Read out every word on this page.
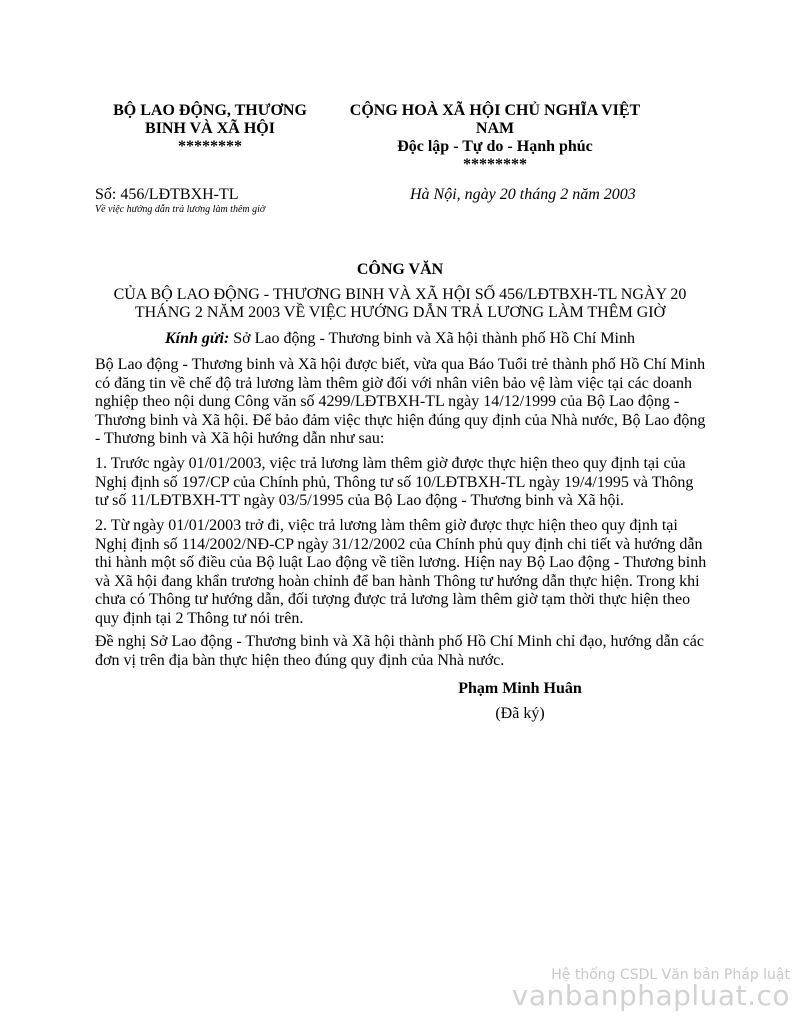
BỘ LAO ĐỘNG, THƯƠNG
BINH VÀ XÃ HỘI
********
CỘNG HOÀ XÃ HỘI CHỦ NGHĨA VIỆT
NAM
Độc lập - Tự do - Hạnh phúc
********
Số: 456/LĐTBXH-TL
Về việc hướng dẫn trả lương làm thêm giờ
Hà Nội, ngày 20 tháng 2 năm 2003
CÔNG VĂN
CỦA BỘ LAO ĐỘNG - THƯƠNG BINH VÀ XÃ HỘI SỐ 456/LĐTBXH-TL NGÀY 20 THÁNG 2 NĂM 2003 VỀ VIỆC HƯỚNG DẪN TRẢ LƯƠNG LÀM THÊM GIỜ
Kính gửi: Sở Lao động - Thương binh và Xã hội thành phố Hồ Chí Minh
Bộ Lao động - Thương binh và Xã hội được biết, vừa qua Báo Tuổi trẻ thành phố Hồ Chí Minh có đăng tin về chế độ trả lương làm thêm giờ đối với nhân viên bảo vệ làm việc tại các doanh nghiệp theo nội dung Công văn số 4299/LĐTBXH-TL ngày 14/12/1999 của Bộ Lao động - Thương binh và Xã hội. Để bảo đảm việc thực hiện đúng quy định của Nhà nước, Bộ Lao động - Thương binh và Xã hội hướng dẫn như sau:
1. Trước ngày 01/01/2003, việc trả lương làm thêm giờ được thực hiện theo quy định tại của Nghị định số 197/CP của Chính phủ, Thông tư số 10/LĐTBXH-TL ngày 19/4/1995 và Thông tư số 11/LĐTBXH-TT ngày 03/5/1995 của Bộ Lao động - Thương binh và Xã hội.
2. Từ ngày 01/01/2003 trở đi, việc trả lương làm thêm giờ được thực hiện theo quy định tại Nghị định số 114/2002/NĐ-CP ngày 31/12/2002 của Chính phủ quy định chi tiết và hướng dẫn thi hành một số điều của Bộ luật Lao động về tiền lương. Hiện nay Bộ Lao động - Thương binh và Xã hội đang khẩn trương hoàn chỉnh để ban hành Thông tư hướng dẫn thực hiện. Trong khi chưa có Thông tư hướng dẫn, đối tượng được trả lương làm thêm giờ tạm thời thực hiện theo quy định tại 2 Thông tư nói trên.
Đề nghị Sở Lao động - Thương binh và Xã hội thành phố Hồ Chí Minh chỉ đạo, hướng dẫn các đơn vị trên địa bàn thực hiện theo đúng quy định của Nhà nước.
Phạm Minh Huân
(Đã ký)
Hệ thống CSDL Văn bản Pháp luật
vanbanphapluat.co
